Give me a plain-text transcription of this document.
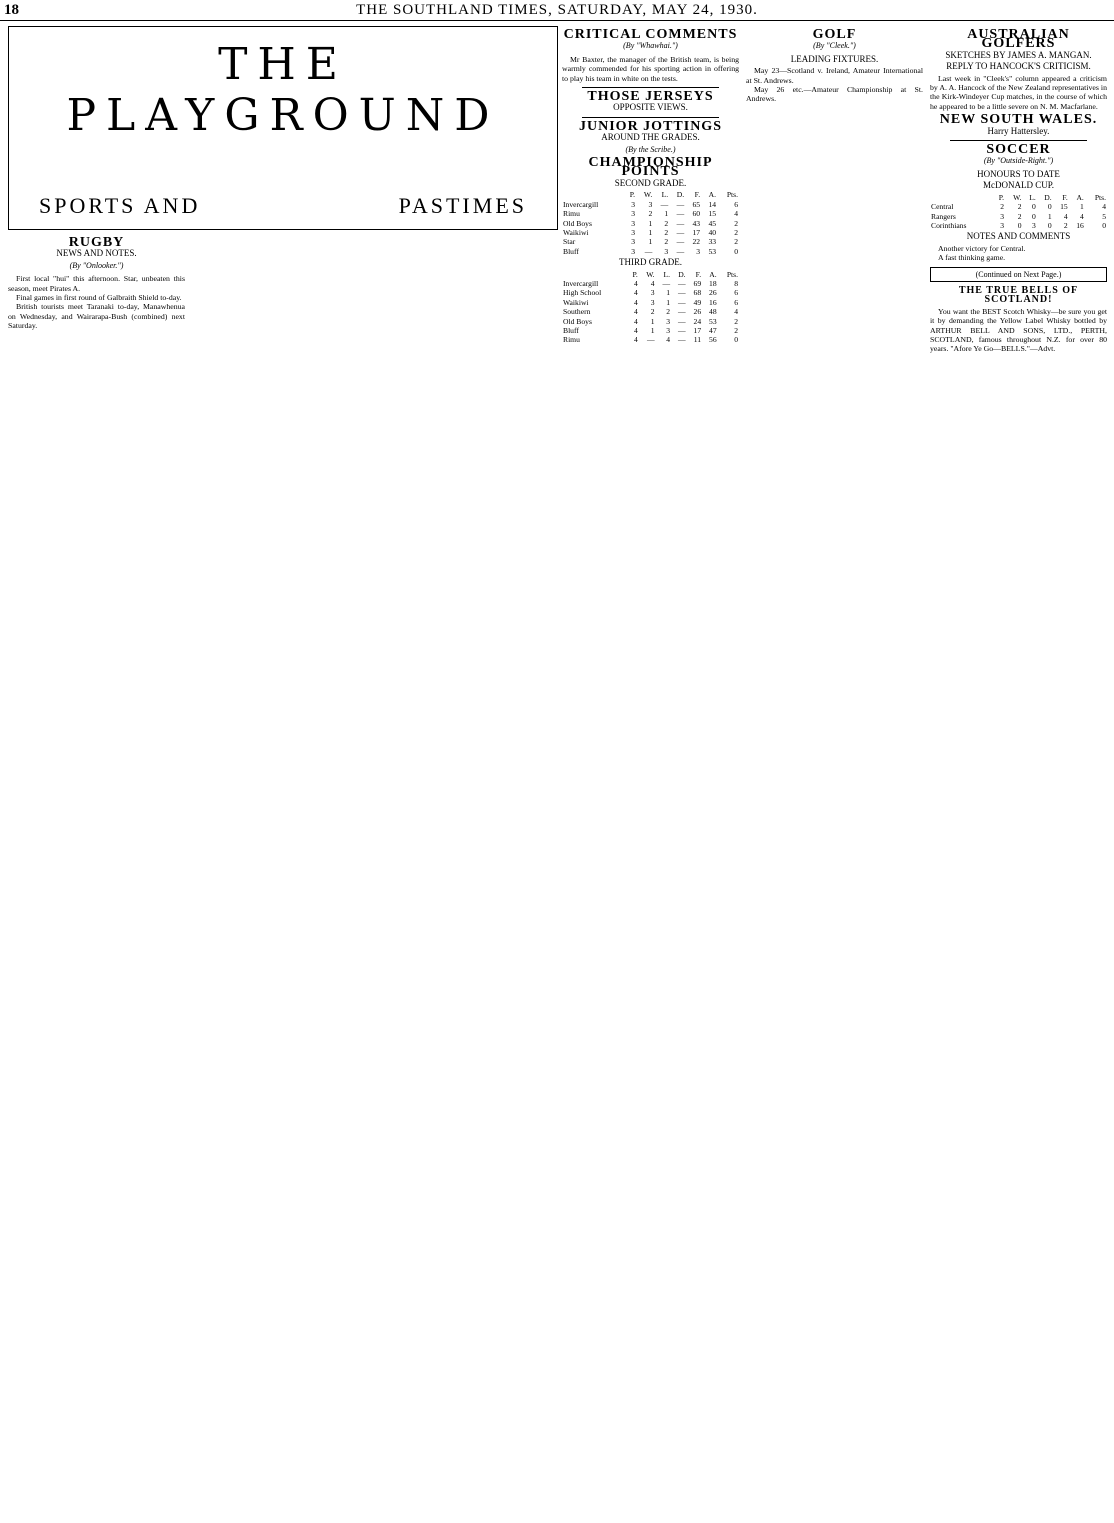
18	THE SOUTHLAND TIMES, SATURDAY, MAY 24, 1930.
THE PLAYGROUND
SPORTS AND	PASTIMES
RUGBY
NEWS AND NOTES.
(By "Onlooker.")

First local "hui" this afternoon. Star, unbeaten this season, meet Pirates A.

Final games in first round of Galbraith Shield to-day.

British tourists meet Taranaki to-day, Manawhenua on Wednesday, and Wairarapa-Bush (combined) next Saturday.

CRITICAL COMMENTS
(By "Whawhai.")

Mr Baxter, the manager of the British team, is being warmly commended for his sporting action in offering to play his team in white on the tests.

THOSE JERSEYS
OPPOSITE VIEWS.
JUNIOR JOTTINGS
AROUND THE GRADES.
(By the Scribe.)
CHAMPIONSHIP POINTS
SECOND GRADE.
	P.	W.	L.	D.	F.	A.	Pts.
Invercargill	3	3	—	—	65	14	6
Rimu	3	2	1	—	60	15	4
Old Boys	3	1	2	—	43	45	2
Waikiwi	3	1	2	—	17	40	2
Star	3	1	2	—	22	33	2
Bluff	3	—	3	—	3	53	0
THIRD GRADE.
	P.	W.	L.	D.	F.	A.	Pts.
Invercargill	4	4	—	—	69	18	8
High School	4	3	1	—	68	26	6
Waikiwi	4	3	1	—	49	16	6
Southern	4	2	2	—	26	48	4
Old Boys	4	1	3	—	24	53	2
Bluff	4	1	3	—	17	47	2
Rimu	4	—	4	—	11	56	0
GOLF
(By "Cleek.")
LEADING FIXTURES.

May 23—Scotland v. Ireland, Amateur International at St. Andrews.

May 26 etc.—Amateur Championship at St. Andrews.

AUSTRALIAN GOLFERS
SKETCHES BY JAMES A. MANGAN.
REPLY TO HANCOCK'S CRITICISM.

Last week in "Cleek's" column appeared a criticism by A. A. Hancock of the New Zealand representatives in the Kirk-Windeyer Cup matches, in the course of which he appeared to be a little severe on N. M. Macfarlane.

NEW SOUTH WALES.
Harry Hattersley.
SOCCER
(By "Outside-Right.")
HONOURS TO DATE
McDONALD CUP.
	P.	W.	L.	D.	F.	A.	Pts.
Central	2	2	0	0	15	1	4
Rangers	3	2	0	1	4	4	5
Corinthians	3	0	3	0	2	16	0
NOTES AND COMMENTS

Another victory for Central.

A fast thinking game.

(Continued on Next Page.)
THE TRUE BELLS OF SCOTLAND!

You want the BEST Scotch Whisky—be sure you get it by demanding the Yellow Label Whisky bottled by ARTHUR BELL AND SONS, LTD., PERTH, SCOTLAND, famous throughout N.Z. for over 80 years. "Afore Ye Go—BELLS."—Advt.
